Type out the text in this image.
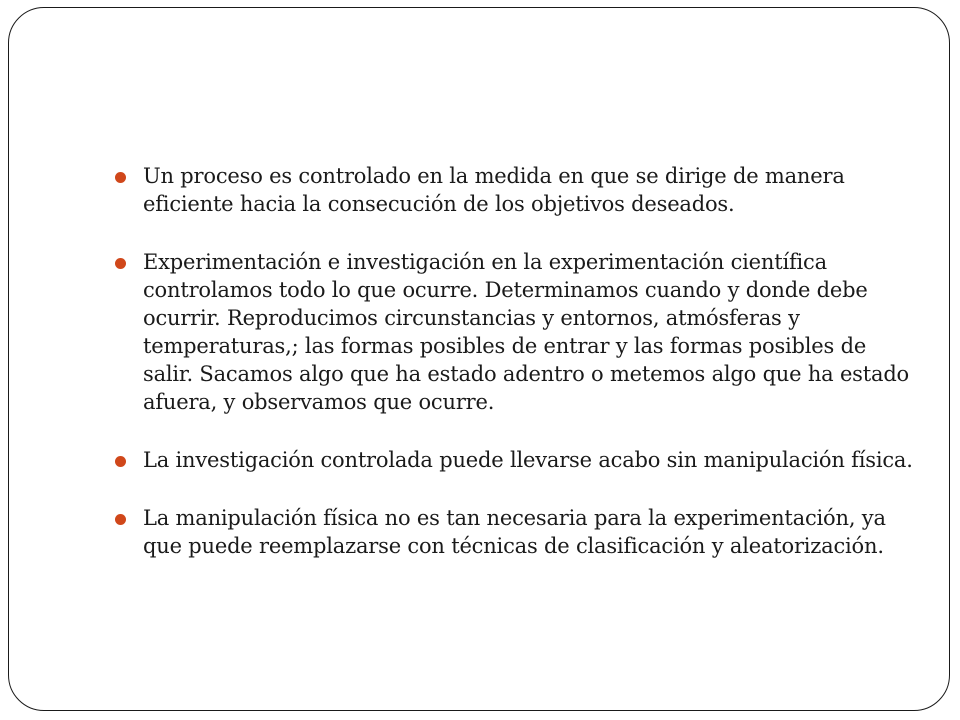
Un proceso es controlado en la medida en que se dirige de manera eficiente hacia la consecución de los objetivos deseados.
Experimentación e investigación en la experimentación científica controlamos todo lo que ocurre. Determinamos cuando y donde debe ocurrir. Reproducimos circunstancias y entornos, atmósferas y temperaturas,; las formas posibles de entrar y las formas posibles de salir. Sacamos algo que ha estado adentro o metemos algo que ha estado afuera, y observamos que ocurre.
La investigación controlada puede llevarse acabo sin manipulación física.
La manipulación física no es tan necesaria para la experimentación, ya que puede reemplazarse con técnicas de clasificación y aleatorización.
